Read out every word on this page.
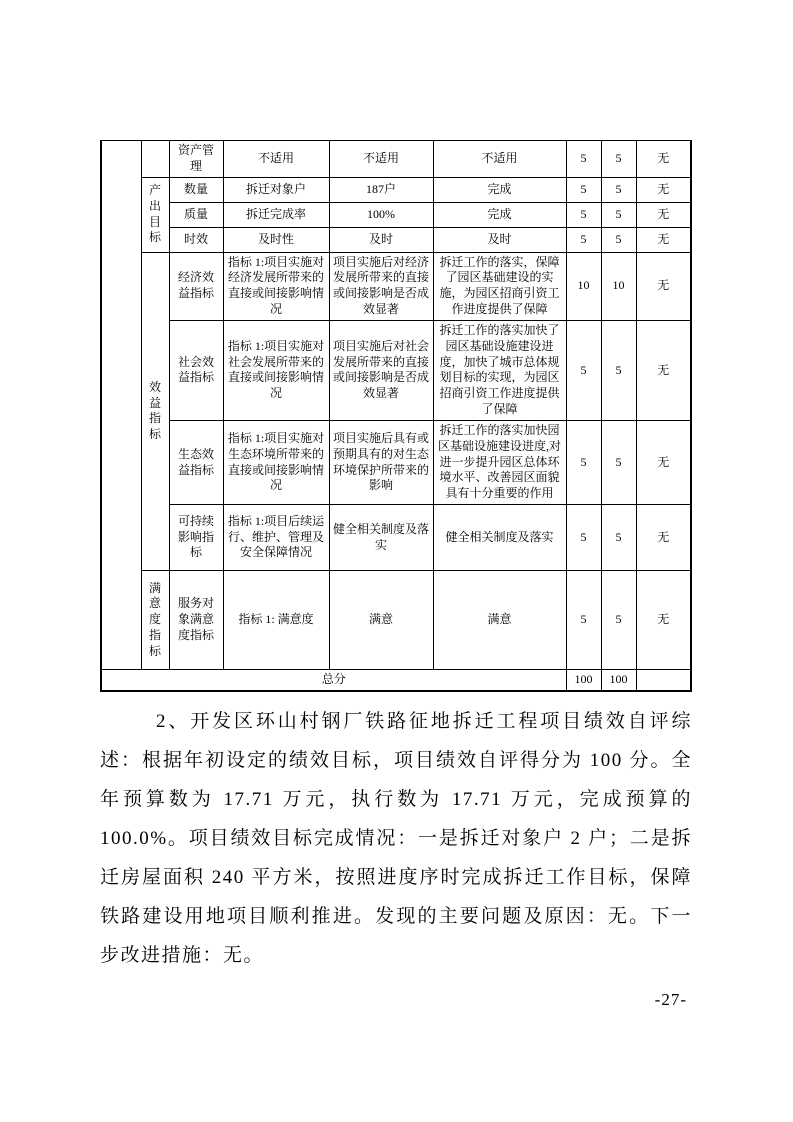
		资产管理	不适用	不适用	不适用	5	5	无
	产出目标	数量	拆迁对象户	187户	完成	5	5	无
		质量	拆迁完成率	100%	完成	5	5	无
		时效	及时性	及时	及时	5	5	无
	效益指标	经济效益指标	指标 1:项目实施对经济发展所带来的直接或间接影响情况	项目实施后对经济发展所带来的直接或间接影响是否成效显著	拆迁工作的落实，保障了园区基础建设的实施，为园区招商引资工作进度提供了保障	10	10	无
		社会效益指标	指标 1:项目实施对社会发展所带来的直接或间接影响情况	项目实施后对社会发展所带来的直接或间接影响是否成效显著	拆迁工作的落实加快了园区基础设施建设进度，加快了城市总体规划目标的实现，为园区招商引资工作进度提供了保障	5	5	无
		生态效益指标	指标 1:项目实施对生态环境所带来的直接或间接影响情况	项目实施后具有或预期具有的对生态环境保护所带来的影响	拆迁工作的落实加快园区基础设施建设进度,对进一步提升园区总体环境水平、改善园区面貌具有十分重要的作用	5	5	无
		可持续影响指标	指标 1:项目后续运行、维护、管理及安全保障情况	健全相关制度及落实	健全相关制度及落实	5	5	无
	满意度指标	服务对象满意度指标	指标 1: 满意度	满意	满意	5	5	无
总分						100	100	
2、开发区环山村钢厂铁路征地拆迁工程项目绩效自评综述：根据年初设定的绩效目标，项目绩效自评得分为 100 分。全年预算数为 17.71 万元，执行数为 17.71 万元，完成预算的 100.0%。项目绩效目标完成情况：一是拆迁对象户 2 户；二是拆迁房屋面积 240 平方米，按照进度序时完成拆迁工作目标，保障铁路建设用地项目顺利推进。发现的主要问题及原因：无。下一步改进措施：无。
-27-
